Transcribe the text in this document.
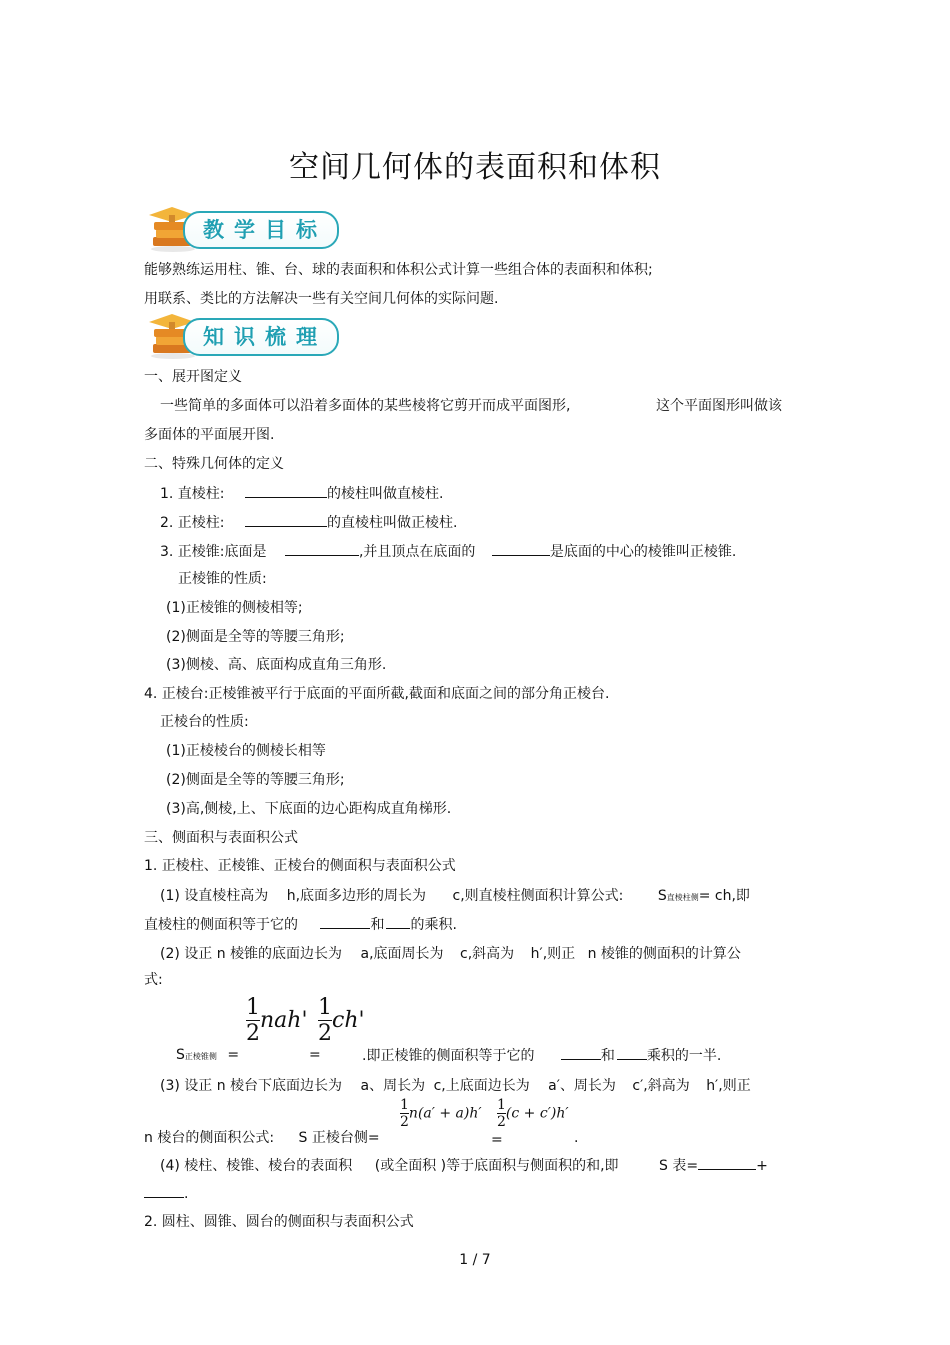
空间几何体的表面积和体积
教学目标
能够熟练运用柱、锥、台、球的表面积和体积公式计算一些组合体的表面积和体积;
用联系、类比的方法解决一些有关空间几何体的实际问题.
知识梳理
一、展开图定义
一些简单的多面体可以沿着多面体的某些棱将它剪开而成平面图形,	这个平面图形叫做该
多面体的平面展开图.
二、特殊几何体的定义
1. 直棱柱:	的棱柱叫做直棱柱.
2. 正棱柱:	的直棱柱叫做正棱柱.
3. 正棱锥:底面是	,并且顶点在底面的	是底面的中心的棱锥叫正棱锥.
正棱锥的性质:
(1)正棱锥的侧棱相等;
(2)侧面是全等的等腰三角形;
(3)侧棱、高、底面构成直角三角形.
4. 正棱台:正棱锥被平行于底面的平面所截,截面和底面之间的部分角正棱台.
正棱台的性质:
(1)正棱棱台的侧棱长相等
(2)侧面是全等的等腰三角形;
(3)高,侧棱,上、下底面的边心距构成直角梯形.
三、侧面积与表面积公式
1. 正棱柱、正棱锥、正棱台的侧面积与表面积公式
(1) 设直棱柱高为 h,底面多边形的周长为 c,则直棱柱侧面积计算公式: S直棱柱侧= ch,即
直棱柱的侧面积等于它的	和 的乘积.
(2) 设正 n 棱锥的底面边长为 a,底面周长为 c,斜高为 h′,则正 n 棱锥的侧面积的计算公
式:
$\frac{1}{2} nah' \frac{1}{2} ch'$
S正棱锥侧 =	=	.即正棱锥的侧面积等于它的	和 乘积的一半.
(3) 设正 n 棱台下底面边长为 a、周长为 c,上底面边长为 a′、周长为 c′,斜高为 h′,则正
$\frac{1}{2} n(a' + a)h' \frac{1}{2} (c + c')h'$
n 棱台的侧面积公式: S 正棱台侧=	=	.
(4) 棱柱、棱锥、棱台的表面积 (或全面积 )等于底面积与侧面积的和,即	S 表=	+
.
2. 圆柱、圆锥、圆台的侧面积与表面积公式
1 / 7
